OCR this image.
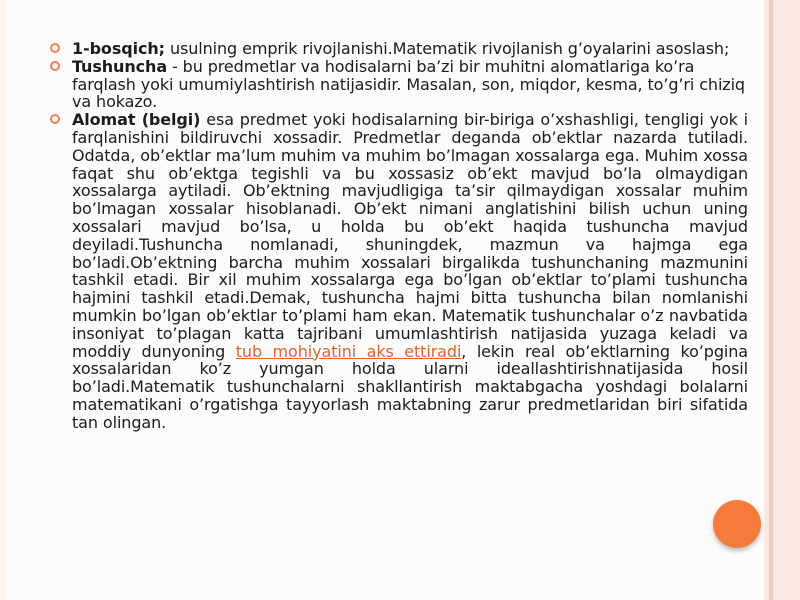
1-bosqich; usulning emprik rivojlanishi.Matematik rivojlanish g’oyalarini asoslash;
Tushuncha - bu predmetlar va hodisalarni ba’zi bir muhitni alomatlariga ko’ra farqlash yoki umumiylashtirish natijasidir. Masalan, son, miqdor, kesma, to’g’ri chiziq va hokazo.
Alomat (belgi) esa predmet yoki hodisalarning bir-biriga o’xshashligi, tengligi yok i farqlanishini bildiruvchi xossadir. Predmetlar deganda ob’ektlar nazarda tutiladi. Odatda, ob’ektlar ma’lum muhim va muhim bo’lmagan xossalarga ega. Muhim xossa faqat shu ob’ektga tegishli va bu xossasiz ob’ekt mavjud bo’la olmaydigan xossalarga aytiladi. Ob’ektning mavjudligiga ta’sir qilmaydigan xossalar muhim bo’lmagan xossalar hisoblanadi. Ob’ekt nimani anglatishini bilish uchun uning xossalari mavjud bo’lsa, u holda bu ob’ekt haqida tushuncha mavjud deyiladi.Tushuncha nomlanadi, shuningdek, mazmun va hajmga ega bo’ladi.Ob’ektning barcha muhim xossalari birgalikda tushunchaning mazmunini tashkil etadi. Bir xil muhim xossalarga ega bo’lgan ob’ektlar to’plami tushuncha hajmini tashkil etadi.Demak, tushuncha hajmi bitta tushuncha bilan nomlanishi mumkin bo’lgan ob’ektlar to’plami ham ekan. Matematik tushunchalar o’z navbatida insoniyat to’plagan katta tajribani umumlashtirish natijasida yuzaga keladi va moddiy dunyoning tub mohiyatini aks ettiradi, lekin real ob’ektlarning ko’pgina xossalaridan ko’z yumgan holda ularni ideallashtirishnatijasida hosil bo’ladi.Matematik tushunchalarni shakllantirish maktabgacha yoshdagi bolalarni matematikani o’rgatishga tayyorlash maktabning zarur predmetlaridan biri sifatida tan olingan.
